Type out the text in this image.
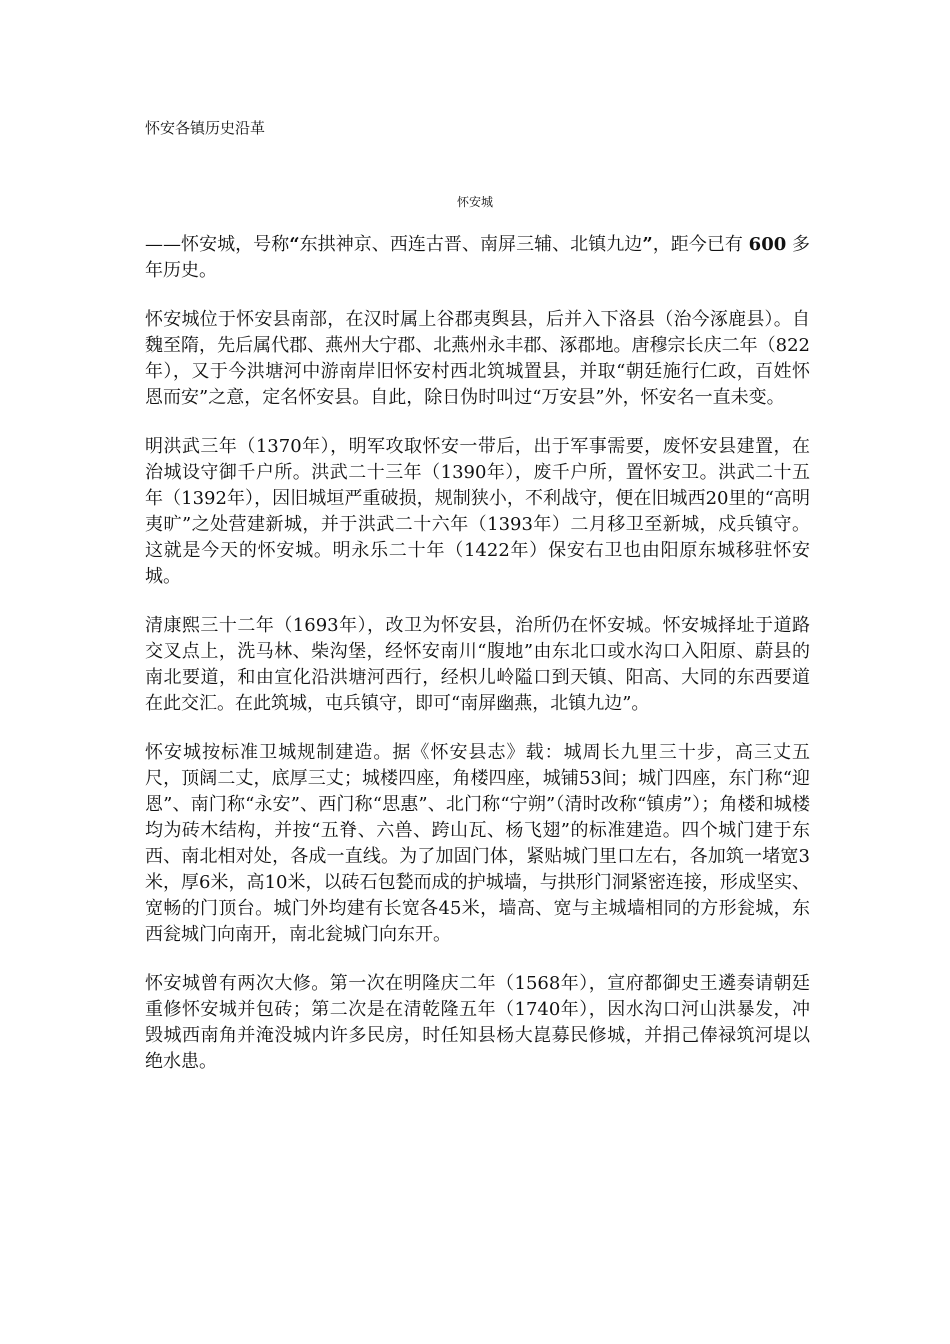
怀安各镇历史沿革
怀安城

——怀安城，号称“东拱神京、西连古晋、南屏三辅、北镇九边”，距今已有 600 多年历史。

怀安城位于怀安县南部，在汉时属上谷郡夷舆县，后并入下洛县（治今涿鹿县）。自魏至隋，先后属代郡、燕州大宁郡、北燕州永丰郡、涿郡地。唐穆宗长庆二年（822年），又于今洪塘河中游南岸旧怀安村西北筑城置县，并取“朝廷施行仁政，百姓怀恩而安”之意，定名怀安县。自此，除日伪时叫过“万安县”外，怀安名一直未变。

明洪武三年（1370年），明军攻取怀安一带后，出于军事需要，废怀安县建置，在治城设守御千户所。洪武二十三年（1390年），废千户所，置怀安卫。洪武二十五年（1392年），因旧城垣严重破损，规制狭小，不利战守，便在旧城西20里的“高明夷旷”之处营建新城，并于洪武二十六年（1393年）二月移卫至新城，戍兵镇守。这就是今天的怀安城。明永乐二十年（1422年）保安右卫也由阳原东城移驻怀安城。

清康熙三十二年（1693年），改卫为怀安县，治所仍在怀安城。怀安城择址于道路交叉点上，洗马林、柴沟堡，经怀安南川“腹地”由东北口或水沟口入阳原、蔚县的南北要道，和由宣化沿洪塘河西行，经枳儿岭隘口到天镇、阳高、大同的东西要道在此交汇。在此筑城，屯兵镇守，即可“南屏幽燕，北镇九边”。

怀安城按标准卫城规制建造。据《怀安县志》载：城周长九里三十步，高三丈五尺，顶阔二丈，底厚三丈；城楼四座，角楼四座，城铺53间；城门四座，东门称“迎恩”、南门称“永安”、西门称“思惠”、北门称“宁朔”（清时改称“镇虏”）；角楼和城楼均为砖木结构，并按“五脊、六兽、跨山瓦、杨飞翅”的标准建造。四个城门建于东西、南北相对处，各成一直线。为了加固门体，紧贴城门里口左右，各加筑一堵宽3米，厚6米，高10米，以砖石包甃而成的护城墙，与拱形门洞紧密连接，形成坚实、宽畅的门顶台。城门外均建有长宽各45米，墙高、宽与主城墙相同的方形瓮城，东西瓮城门向南开，南北瓮城门向东开。

怀安城曾有两次大修。第一次在明隆庆二年（1568年），宣府都御史王遴奏请朝廷重修怀安城并包砖；第二次是在清乾隆五年（1740年），因水沟口河山洪暴发，冲毁城西南角并淹没城内许多民房，时任知县杨大崑募民修城，并捐己俸禄筑河堤以绝水患。
